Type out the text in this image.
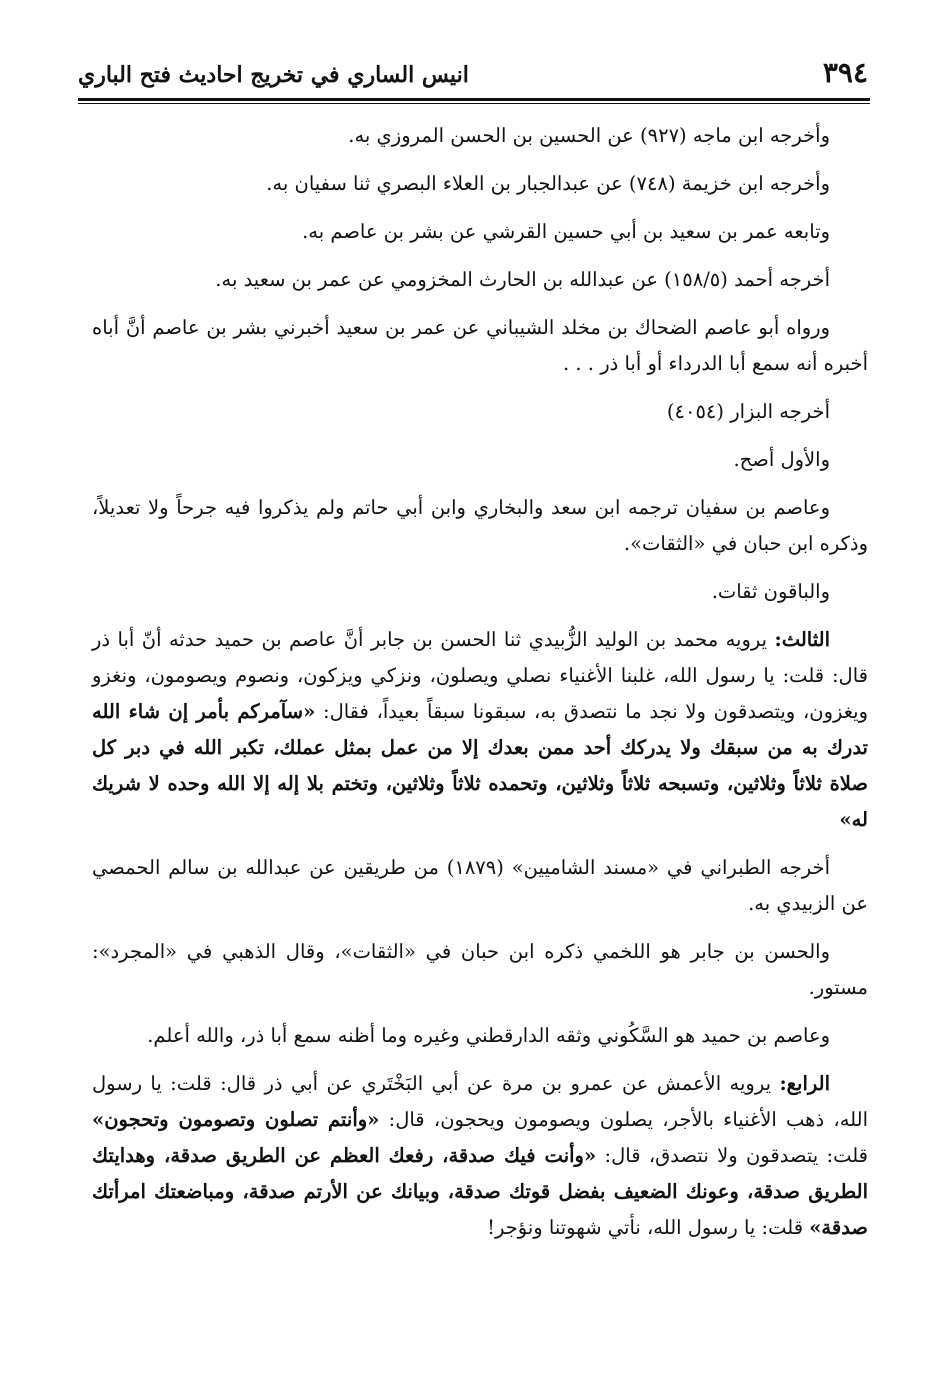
٣٩٤
انيس الساري في تخريج احاديث فتح الباري

وأخرجه ابن ماجه (٩٢٧) عن الحسين بن الحسن المروزي به.

وأخرجه ابن خزيمة (٧٤٨) عن عبدالجبار بن العلاء البصري ثنا سفيان به.

وتابعه عمر بن سعيد بن أبي حسين القرشي عن بشر بن عاصم به.

أخرجه أحمد (١٥٨/٥) عن عبدالله بن الحارث المخزومي عن عمر بن سعيد به.

ورواه أبو عاصم الضحاك بن مخلد الشيباني عن عمر بن سعيد أخبرني بشر بن عاصم أنَّ أباه أخبره أنه سمع أبا الدرداء أو أبا ذر . . .

أخرجه البزار (٤٠٥٤)

والأول أصح.

وعاصم بن سفيان ترجمه ابن سعد والبخاري وابن أبي حاتم ولم يذكروا فيه جرحاً ولا تعديلاً، وذكره ابن حبان في «الثقات».

والباقون ثقات.

الثالث: يرويه محمد بن الوليد الزُّبيدي ثنا الحسن بن جابر أنَّ عاصم بن حميد حدثه أنّ أبا ذر قال: قلت: يا رسول الله، غلبنا الأغنياء نصلي ويصلون، ونزكي ويزكون، ونصوم ويصومون، ونغزو ويغزون، ويتصدقون ولا نجد ما نتصدق به، سبقونا سبقاً بعيداً، فقال: «سآمركم بأمر إن شاء الله تدرك به من سبقك ولا يدركك أحد ممن بعدك إلا من عمل بمثل عملك، تكبر الله في دبر كل صلاة ثلاثاً وثلاثين، وتسبحه ثلاثاً وثلاثين، وتحمده ثلاثاً وثلاثين، وتختم بلا إله إلا الله وحده لا شريك له»

أخرجه الطبراني في «مسند الشاميين» (١٨٧٩) من طريقين عن عبدالله بن سالم الحمصي عن الزبيدي به.

والحسن بن جابر هو اللخمي ذكره ابن حبان في «الثقات»، وقال الذهبي في «المجرد»: مستور.

وعاصم بن حميد هو السَّكُوني وثقه الدارقطني وغيره وما أظنه سمع أبا ذر، والله أعلم.

الرابع: يرويه الأعمش عن عمرو بن مرة عن أبي البَخْتَري عن أبي ذر قال: قلت: يا رسول الله، ذهب الأغنياء بالأجر، يصلون ويصومون ويحجون، قال: «وأنتم تصلون وتصومون وتحجون» قلت: يتصدقون ولا نتصدق، قال: «وأنت فيك صدقة، رفعك العظم عن الطريق صدقة، وهدايتك الطريق صدقة، وعونك الضعيف بفضل قوتك صدقة، وبيانك عن الأرتم صدقة، ومباضعتك امرأتك صدقة» قلت: يا رسول الله، نأتي شهوتنا ونؤجر!
